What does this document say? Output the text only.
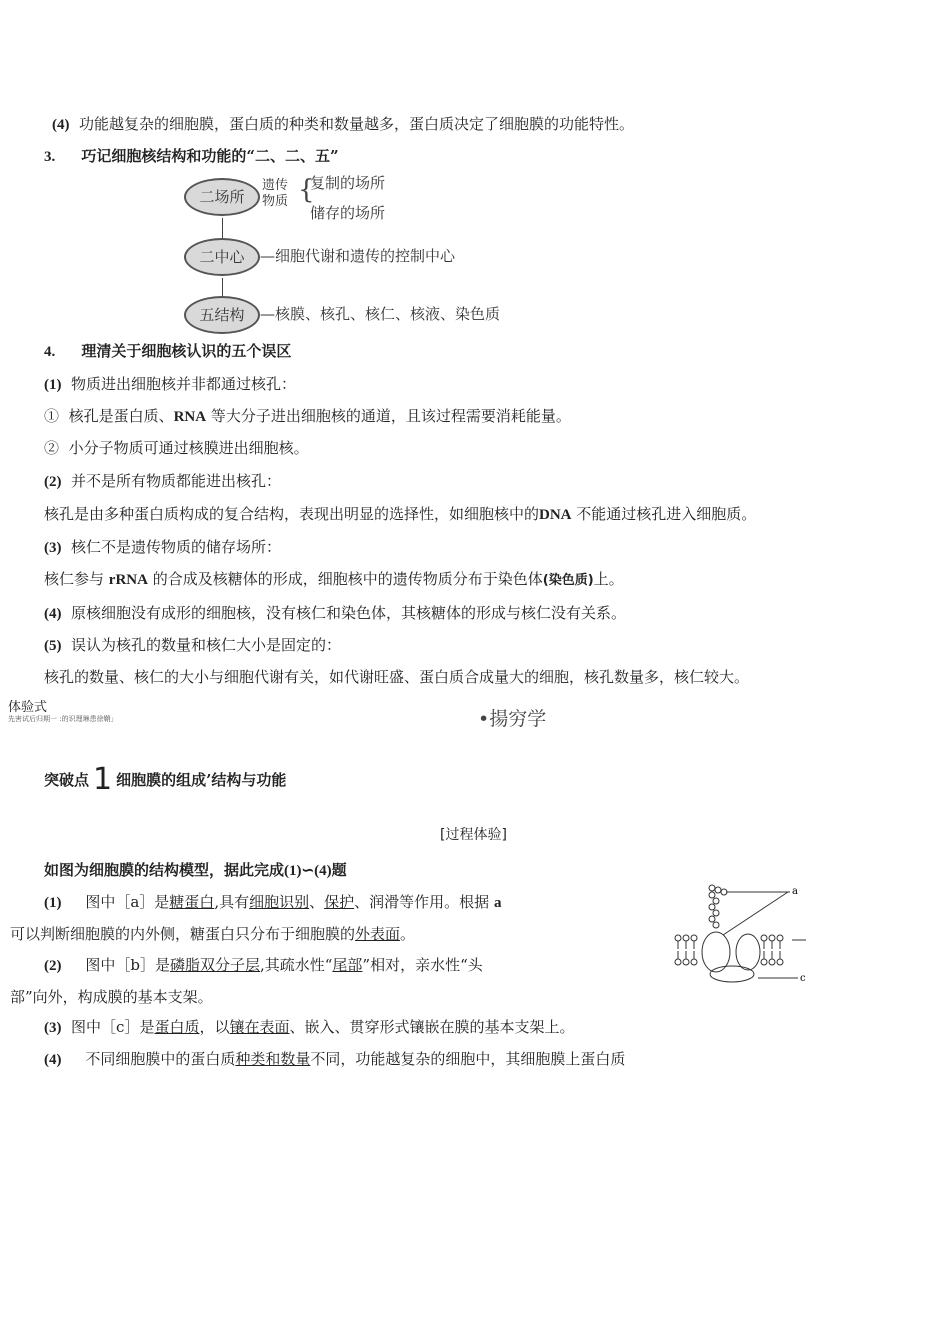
(4) 功能越复杂的细胞膜，蛋白质的种类和数量越多，蛋白质决定了细胞膜的功能特性。
3. 巧记细胞核结构和功能的“二、二、五”
二场所
遗传物质 {
复制的场所
储存的场所
二中心	—细胞代谢和遗传的控制中心
五结构	—核膜、核孔、核仁、核液、染色质
4. 理清关于细胞核认识的五个误区
(1) 物质进出细胞核并非都通过核孔：
① 核孔是蛋白质、RNA 等大分子进出细胞核的通道，且该过程需要消耗能量。
② 小分子物质可通过核膜进出细胞核。
(2) 并不是所有物质都能进出核孔：
核孔是由多种蛋白质构成的复合结构，表现出明显的选择性，如细胞核中的DNA 不能通过核孔进入细胞质。
(3) 核仁不是遗传物质的储存场所：
核仁参与 rRNA 的合成及核糖体的形成，细胞核中的遗传物质分布于染色体(染色质)上。
(4) 原核细胞没有成形的细胞核，没有核仁和染色体，其核糖体的形成与核仁没有关系。
(5) 误认为核孔的数量和核仁大小是固定的：
核孔的数量、核仁的大小与细胞代谢有关，如代谢旺盛、蛋白质合成量大的细胞，核孔数量多，核仁较大。
体验式
先害试后归期一 :的识理琳患徐鞘」	•揚穷学
突破点 1 细胞膜的组成’结构与功能
[过程体验]
如图为细胞膜的结构模型，据此完成(1)∽(4)题
(1) 图中［a］是糖蛋白,具有细胞识别、保护、润滑等作用。根据 a
可以判断细胞膜的内外侧，糖蛋白只分布于细胞膜的外表面。
(2) 图中［b］是磷脂双分子层,其疏水性“尾部”相对，亲水性“头
部”向外，构成膜的基本支架。
(3) 图中［c］是蛋白质，以镶在表面、嵌入、贯穿形式镶嵌在膜的基本支架上。
(4) 不同细胞膜中的蛋白质种类和数量不同，功能越复杂的细胞中，其细胞膜上蛋白质
a
c
